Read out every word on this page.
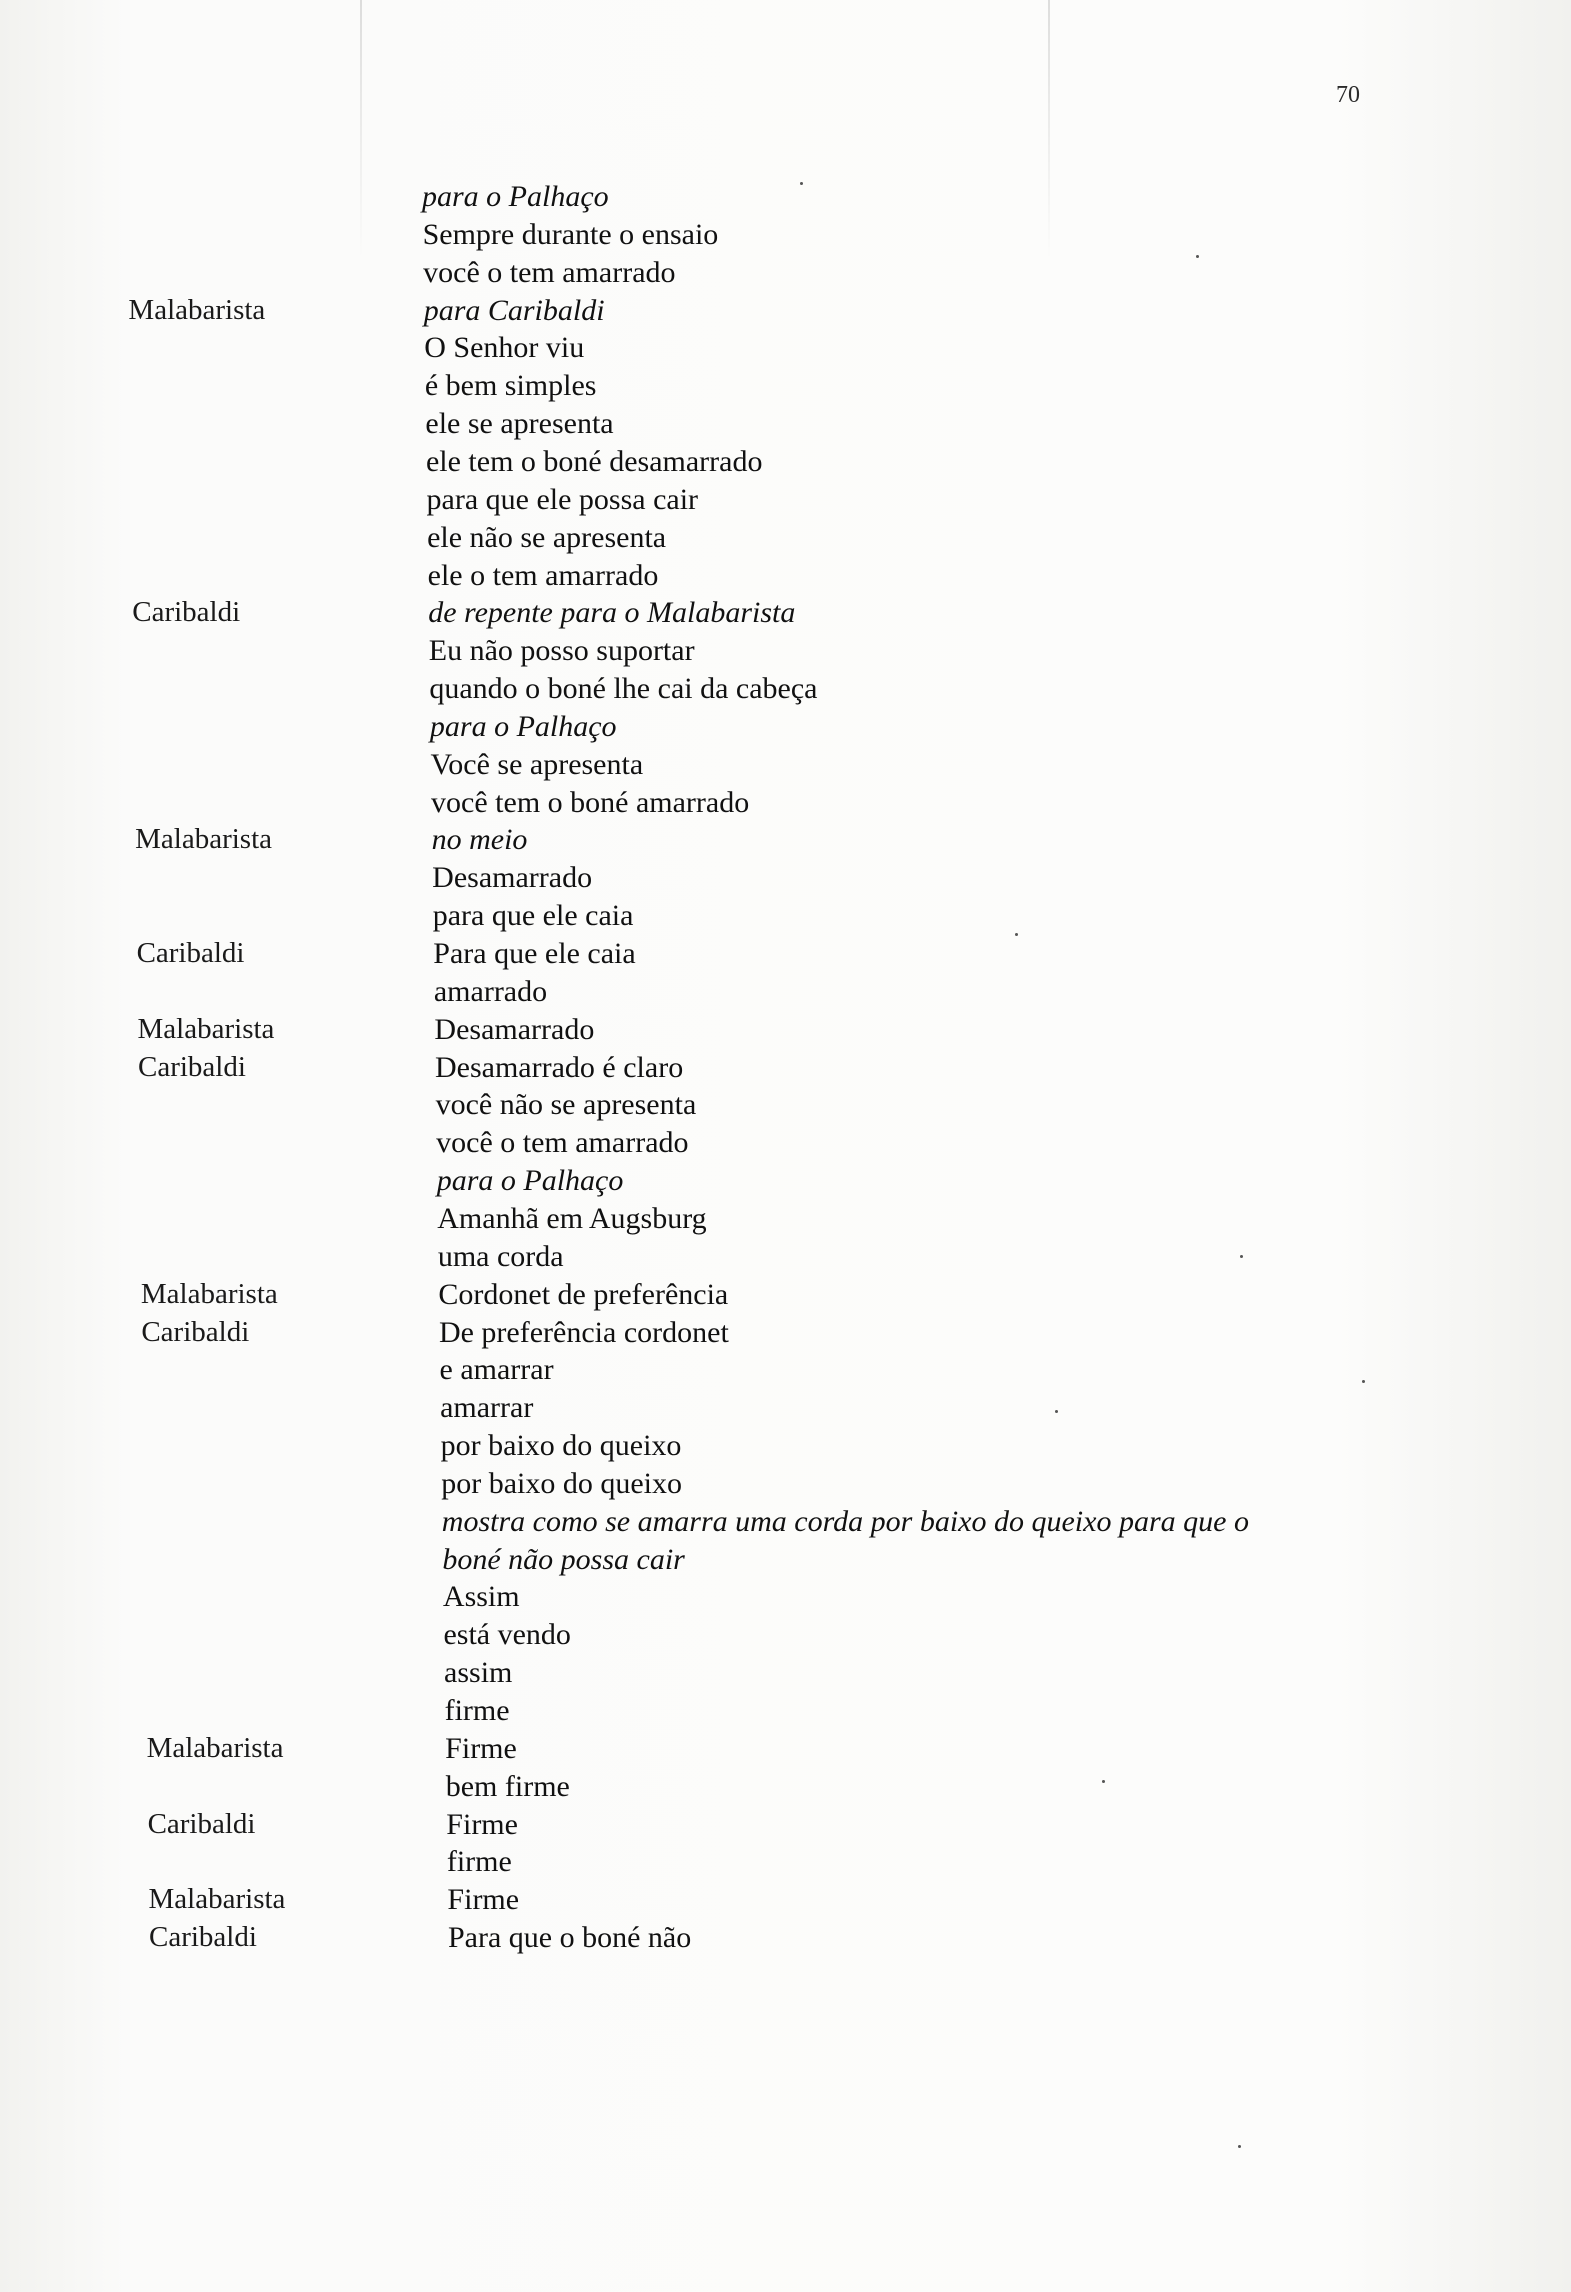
70
para o Palhaço
Sempre durante o ensaio
você o tem amarrado
Malabarista	para Caribaldi
O Senhor viu
é bem simples
ele se apresenta
ele tem o boné desamarrado
para que ele possa cair
ele não se apresenta
ele o tem amarrado
Caribaldi	de repente para o Malabarista
Eu não posso suportar
quando o boné lhe cai da cabeça
para o Palhaço
Você se apresenta
você tem o boné amarrado
Malabarista	no meio
Desamarrado
para que ele caia
Caribaldi	Para que ele caia
amarrado
Malabarista	Desamarrado
Caribaldi	Desamarrado é claro
você não se apresenta
você o tem amarrado
para o Palhaço
Amanhã em Augsburg
uma corda
Malabarista	Cordonet de preferência
Caribaldi	De preferência cordonet
e amarrar
amarrar
por baixo do queixo
por baixo do queixo
mostra como se amarra uma corda por baixo do queixo para que o
boné não possa cair
Assim
está vendo
assim
firme
Malabarista	Firme
bem firme
Caribaldi	Firme
firme
Malabarista	Firme
Caribaldi	Para que o boné não
